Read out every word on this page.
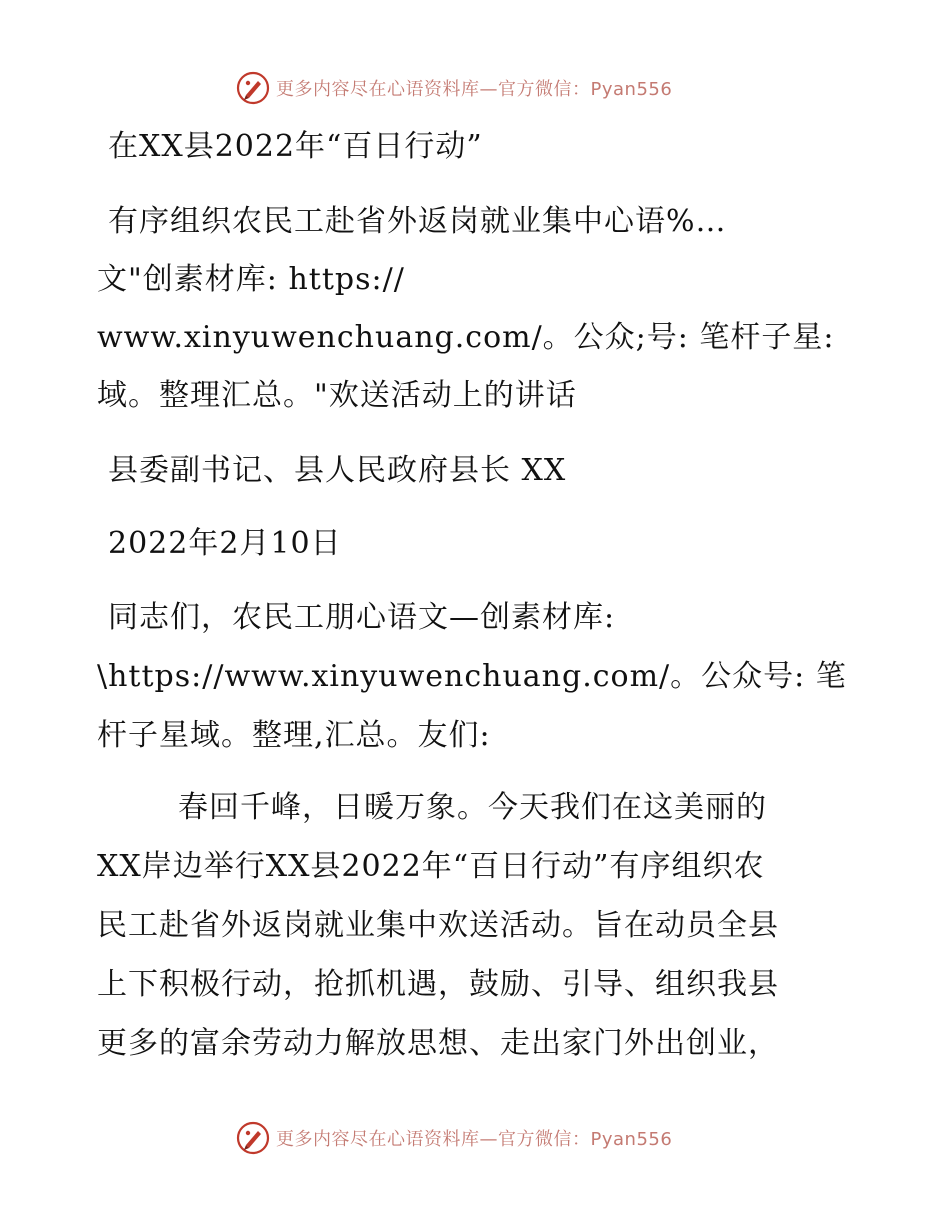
更多内容尽在心语资料库—官方微信：Pyan556
在XX县2022年“百日行动”
有序组织农民工赴省外返岗就业集中心语%…
文"创素材库: https://
www.xinyuwenchuang.com/。公众;号: 笔杆子星:
域。整理汇总。"欢送活动上的讲话
县委副书记、县人民政府县长 XX
2022年2月10日
同志们，农民工朋心语文—创素材库:
\https://www.xinyuwenchuang.com/。公众号: 笔
杆子星域。整理,汇总。友们:
春回千峰，日暖万象。今天我们在这美丽的
XX岸边举行XX县2022年“百日行动”有序组织农
民工赴省外返岗就业集中欢送活动。旨在动员全县
上下积极行动，抢抓机遇，鼓励、引导、组织我县
更多的富余劳动力解放思想、走出家门外出创业，
更多内容尽在心语资料库—官方微信：Pyan556
